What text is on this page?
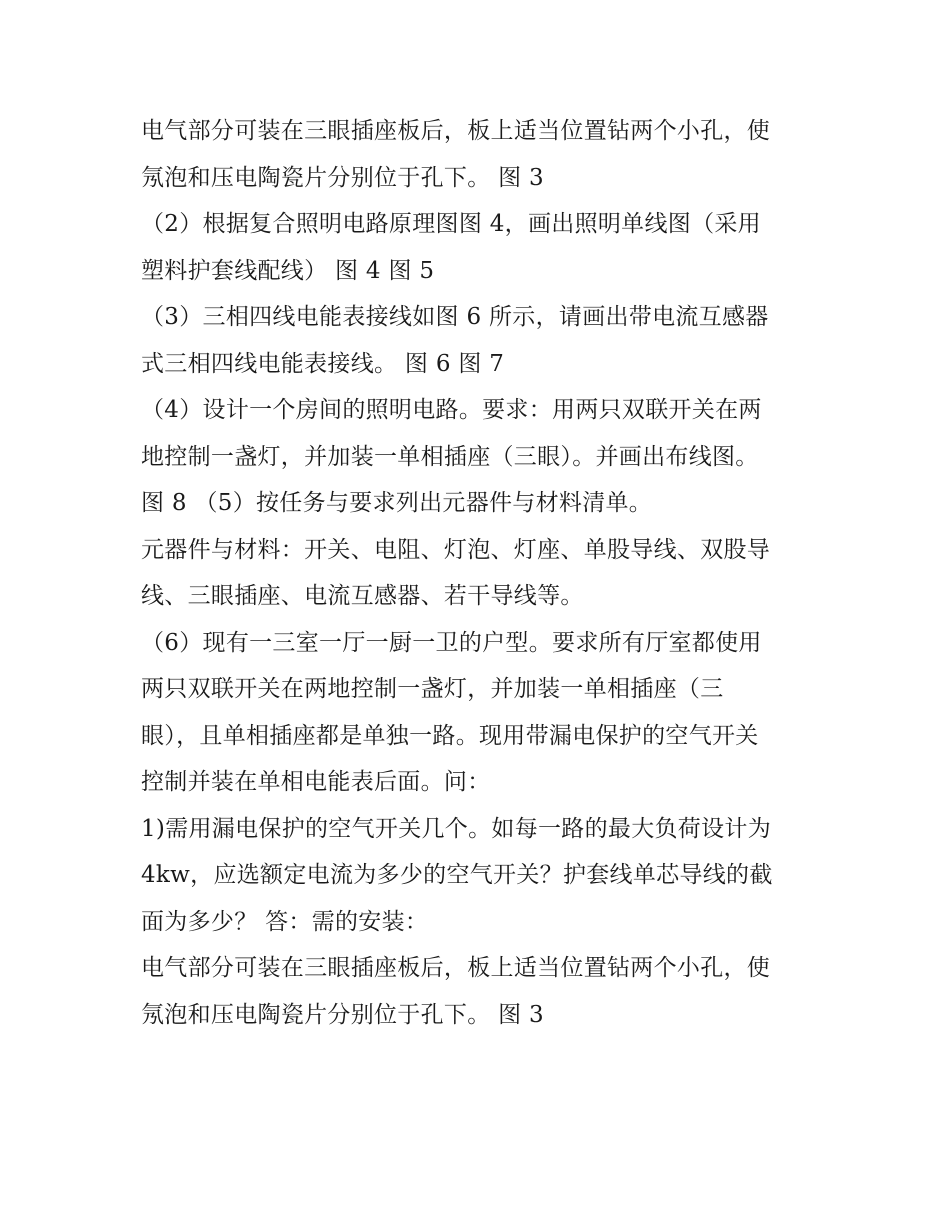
电气部分可装在三眼插座板后，板上适当位置钻两个小孔，使
氖泡和压电陶瓷片分别位于孔下。 图 3
（2）根据复合照明电路原理图图 4，画出照明单线图（采用
塑料护套线配线） 图 4 图 5
（3）三相四线电能表接线如图 6 所示，请画出带电流互感器
式三相四线电能表接线。 图 6 图 7
（4）设计一个房间的照明电路。要求：用两只双联开关在两
地控制一盏灯，并加装一单相插座（三眼）。并画出布线图。
图 8 （5）按任务与要求列出元器件与材料清单。
元器件与材料：开关、电阻、灯泡、灯座、单股导线、双股导
线、三眼插座、电流互感器、若干导线等。
（6）现有一三室一厅一厨一卫的户型。要求所有厅室都使用
两只双联开关在两地控制一盏灯，并加装一单相插座（三
眼），且单相插座都是单独一路。现用带漏电保护的空气开关
控制并装在单相电能表后面。问：
1)需用漏电保护的空气开关几个。如每一路的最大负荷设计为
4kw，应选额定电流为多少的空气开关？护套线单芯导线的截
面为多少？ 答：需的安装：
电气部分可装在三眼插座板后，板上适当位置钻两个小孔，使
氖泡和压电陶瓷片分别位于孔下。 图 3
